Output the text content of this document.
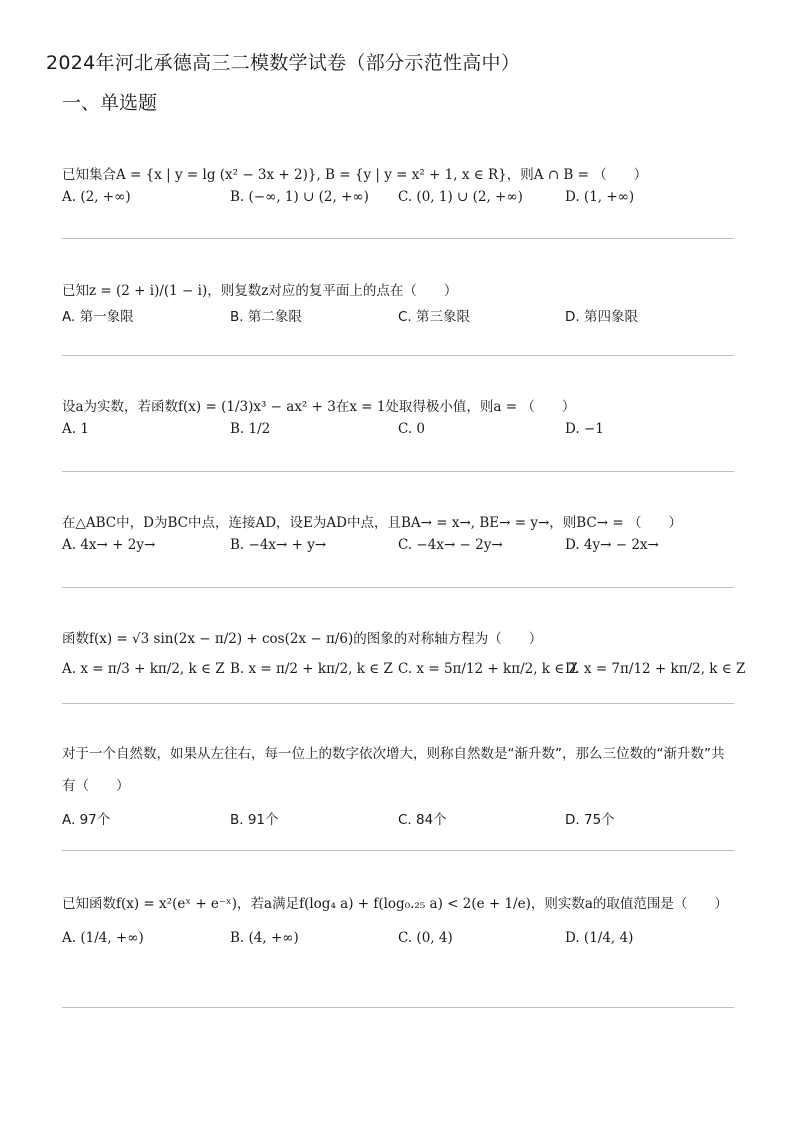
2024年河北承德高三二模数学试卷（部分示范性高中）
一、单选题
已知集合A = {x | y = lg (x² − 3x + 2)}, B = {y | y = x² + 1, x ∈ R}，则A ∩ B = （　　）
A. (2, +∞)	B. (−∞, 1) ∪ (2, +∞) C. (0, 1) ∪ (2, +∞)	D. (1, +∞)
已知z = (2 + i)/(1 − i)，则复数z对应的复平面上的点在（　　）
A. 第一象限	B. 第二象限	C. 第三象限	D. 第四象限
设a为实数，若函数f(x) = (1/3)x³ − ax² + 3在x = 1处取得极小值，则a = （　　）
A. 1	B. 1/2	C. 0	D. −1
在△ABC中，D为BC中点，连接AD，设E为AD中点，且BA→ = x→, BE→ = y→，则BC→ = （　　）
A. 4x→ + 2y→	B. −4x→ + y→	C. −4x→ − 2y→	D. 4y→ − 2x→
函数f(x) = √3 sin(2x − π/2) + cos(2x − π/6)的图象的对称轴方程为（　　）
A. x = π/3 + kπ/2, k ∈ Z B. x = π/2 + kπ/2, k ∈ Z C. x = 5π/12 + kπ/2, k ∈ Z
D. x = 7π/12 + kπ/2, k ∈ Z
对于一个自然数，如果从左往右，每一位上的数字依次增大，则称自然数是“渐升数”，那么三位数的“渐升数”共有（　　）
A. 97个	B. 91个	C. 84个	D. 75个
已知函数f(x) = x²(eˣ + e⁻ˣ)，若a满足f(log₄ a) + f(log₀.₂₅ a) < 2(e + 1/e)，则实数a的取值范围是（　　）
A. (1/4, +∞)	B. (4, +∞)	C. (0, 4)	D. (1/4, 4)
